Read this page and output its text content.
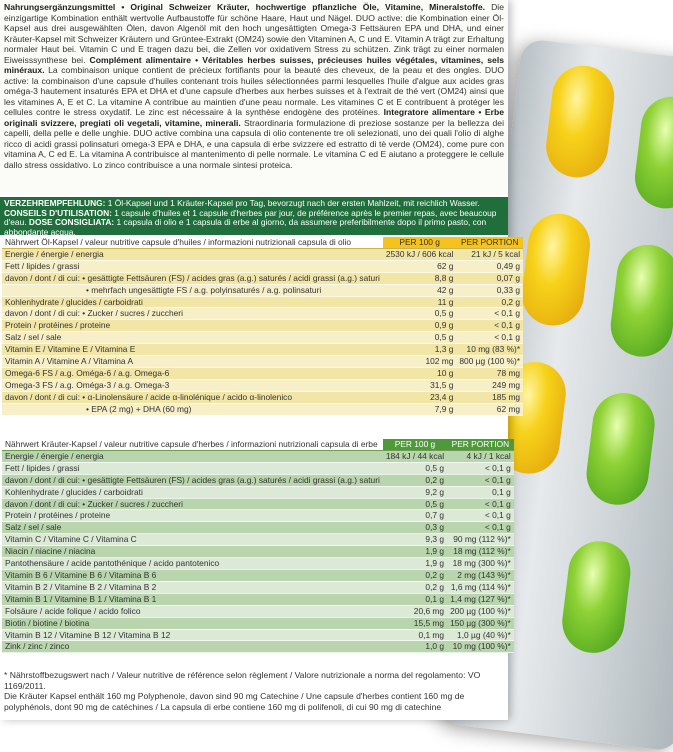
Nahrungsergänzungsmittel • Original Schweizer Kräuter, hochwertige pflanzliche Öle, Vitamine, Mineralstoffe. Die einzigartige Kombination enthält wertvolle Aufbaustoffe für schöne Haare, Haut und Nägel. DUO active: die Kombination einer Öl-Kapsel aus drei ausgewählten Ölen, davon Algenöl mit den hoch ungesättigten Omega-3 Fettsäuren EPA und DHA, und einer Kräuter-Kapsel mit Schweizer Kräutern und Grüntee-Extrakt (OM24) sowie den Vitaminen A, C und E. Vitamin A trägt zur Erhaltung normaler Haut bei. Vitamin C und E tragen dazu bei, die Zellen vor oxidativem Stress zu schützen. Zink trägt zu einer normalen Eiweisssynthese bei. Complément alimentaire • Véritables herbes suisses, précieuses huiles végétales, vitamines, sels minéraux. La combinaison unique contient de précieux fortifiants pour la beauté des cheveux, de la peau et des ongles. DUO active: la combinaison d'une capsule d'huiles contenant trois huiles sélectionnées parmi lesquelles l'huile d'algue aux acides gras oméga-3 hautement insaturés EPA et DHA et d'une capsule d'herbes aux herbes suisses et à l'extrait de thé vert (OM24) ainsi que les vitamines A, E et C. La vitamine A contribue au maintien d'une peau normale. Les vitamines C et E contribuent à protéger les cellules contre le stress oxydatif. Le zinc est nécessaire à la synthèse endogène des protéines. Integratore alimentare • Erbe originali svizzere, pregiati oli vegetali, vitamine, minerali. Straordinaria formulazione di preziose sostanze per la bellezza dei capelli, della pelle e delle unghie. DUO active combina una capsula di olio contenente tre oli selezionati, uno dei quali l'olio di alghe ricco di acidi grassi polinsaturi omega-3 EPA e DHA, e una capsula di erbe svizzere ed estratto di tè verde (OM24), come pure con vitamina A, C ed E. La vitamina A contribuisce al mantenimento di pelle normale. Le vitamina C ed E aiutano a proteggere le cellule dallo stress ossidativo. Lo zinco contribuisce a una normale sintesi proteica.
VERZEHREMPFEHLUNG: 1 Öl-Kapsel und 1 Kräuter-Kapsel pro Tag, bevorzugt nach der ersten Mahlzeit, mit reichlich Wasser. CONSEILS D'UTILISATION: 1 capsule d'huiles et 1 capsule d'herbes par jour, de préférence après le premier repas, avec beaucoup d'eau. DOSE CONSIGLIATA: 1 capsula di olio e 1 capsula di erbe al giorno, da assumere preferibilmente dopo il primo pasto, con abbondante acqua.
Nährwert Öl-Kapsel / valeur nutritive capsule d'huiles / informazioni nutrizionali capsula di olio	PER 100 g	PER PORTION
Energie / énergie / energia	2530 kJ / 606 kcal	21 kJ / 5 kcal
Fett / lipides / grassi	62 g	0,49 g
davon / dont / di cui: • gesättigte Fettsäuren (FS) / acides gras (a.g.) saturés / acidi grassi (a.g.) saturi	8,8 g	0,07 g
• mehrfach ungesättigte FS / a.g. polyinsaturés / a.g. polinsaturi	42 g	0,33 g
Kohlenhydrate / glucides / carboidrati	11 g	0,2 g
davon / dont / di cui: • Zucker / sucres / zuccheri	0,5 g	< 0,1 g
Protein / protéines / proteine	0,9 g	< 0,1 g
Salz / sel / sale	0,5 g	< 0,1 g
Vitamin E / Vitamine E / Vitamina E	1,3 g	10 mg (83 %)*
Vitamin A / Vitamine A / Vitamina A	102 mg	800 µg (100 %)*
Omega-6 FS / a.g. Oméga-6 / a.g. Omega-6	10 g	78 mg
Omega-3 FS / a.g. Oméga-3 / a.g. Omega-3	31,5 g	249 mg
davon / dont / di cui: • α-Linolensäure / acide α-linolénique / acido α-linolenico	23,4 g	185 mg
• EPA (2 mg) + DHA (60 mg)	7,9 g	62 mg
Nährwert Kräuter-Kapsel / valeur nutritive capsule d'herbes / informazioni nutrizionali capsula di erbe	PER 100 g	PER PORTION
Energie / énergie / energia	184 kJ / 44 kcal	4 kJ / 1 kcal
Fett / lipides / grassi	0,5 g	< 0,1 g
davon / dont / di cui: • gesättigte Fettsäuren (FS) / acides gras (a.g.) saturés / acidi grassi (a.g.) saturi	0,2 g	< 0,1 g
Kohlenhydrate / glucides / carboidrati	9,2 g	0,1 g
davon / dont / di cui: • Zucker / sucres / zuccheri	0,5 g	< 0,1 g
Protein / protéines / proteine	0,7 g	< 0,1 g
Salz / sel / sale	0,3 g	< 0,1 g
Vitamin C / Vitamine C / Vitamina C	9,3 g	90 mg (112 %)*
Niacin / niacine / niacina	1,9 g	18 mg (112 %)*
Pantothensäure / acide pantothénique / acido pantotenico	1,9 g	18 mg (300 %)*
Vitamin B 6 / Vitamine B 6 / Vitamina B 6	0,2 g	2 mg (143 %)*
Vitamin B 2 / Vitamine B 2 / Vitamina B 2	0,2 g	1,6 mg (114 %)*
Vitamin B 1 / Vitamine B 1 / Vitamina B 1	0,1 g	1,4 mg (127 %)*
Folsäure / acide folique / acido folico	20,6 mg	200 µg (100 %)*
Biotin / biotine / biotina	15,5 mg	150 µg (300 %)*
Vitamin B 12 / Vitamine B 12 / Vitamina B 12	0,1 mg	1,0 µg (40 %)*
Zink / zinc / zinco	1,0 g	10 mg (100 %)*
* Nährstoffbezugswert nach / Valeur nutritive de référence selon règlement / Valore nutrizionale a norma del regolamento: VO 1169/2011.
Die Kräuter Kapsel enthält 160 mg Polyphenole, davon sind 90 mg Catechine / Une capsule d'herbes contient 160 mg de polyphénols, dont 90 mg de catéchines / La capsula di erbe contiene 160 mg di polifenoli, di cui 90 mg di catechine
